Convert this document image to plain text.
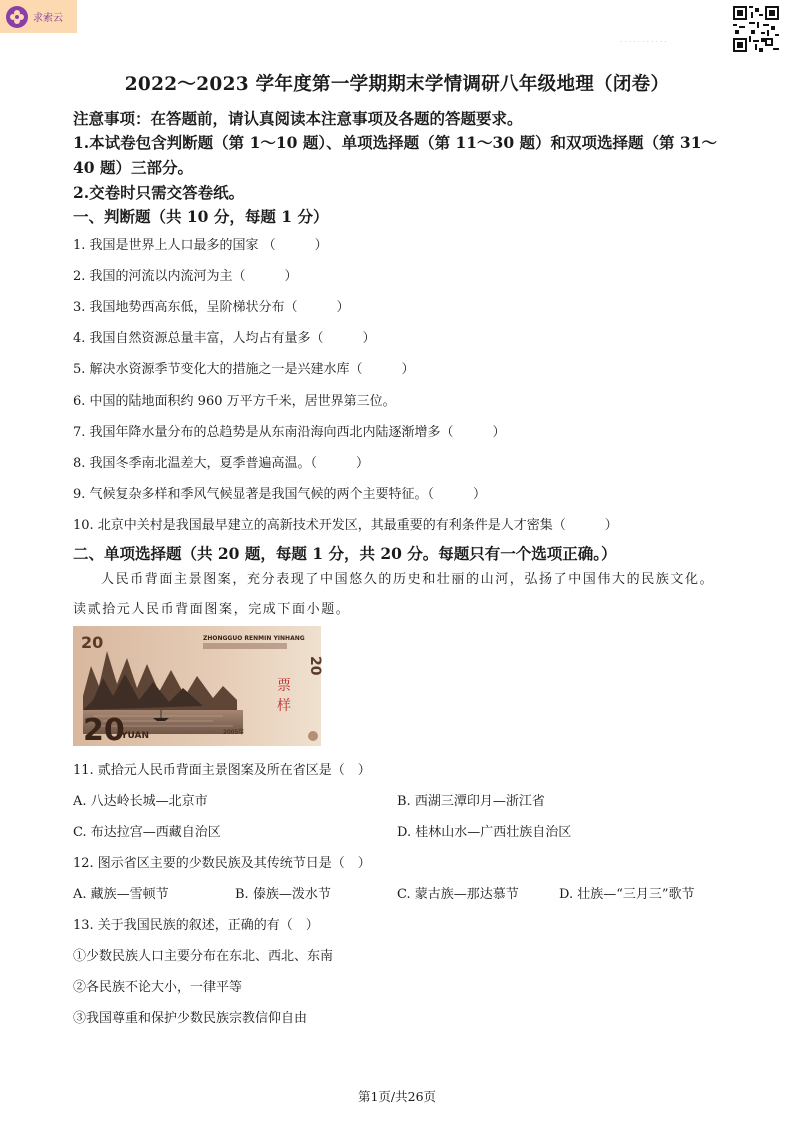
求索云
· · · · · · · · · · ·
2022～2023 学年度第一学期期末学情调研八年级地理（闭卷）
注意事项：在答题前，请认真阅读本注意事项及各题的答题要求。
1.本试卷包含判断题（第 1～10 题）、单项选择题（第 11～30 题）和双项选择题（第 31～40 题）三部分。
2.交卷时只需交答卷纸。
一、判断题（共 10 分，每题 1 分）
1. 我国是世界上人口最多的国家 （　　　）
2. 我国的河流以内流河为主（　　　）
3. 我国地势西高东低，呈阶梯状分布（　　　）
4. 我国自然资源总量丰富，人均占有量多（　　　）
5. 解决水资源季节变化大的措施之一是兴建水库（　　　）
6. 中国的陆地面积约 960 万平方千米，居世界第三位。
7. 我国年降水量分布的总趋势是从东南沿海向西北内陆逐渐增多（　　　）
8. 我国冬季南北温差大，夏季普遍高温。（　　　）
9. 气候复杂多样和季风气候显著是我国气候的两个主要特征。（　　　）
10. 北京中关村是我国最早建立的高新技术开发区，其最重要的有利条件是人才密集（　　　）
二、单项选择题（共 20 题，每题 1 分，共 20 分。每题只有一个选项正确。）
人民币背面主景图案，充分表现了中国悠久的历史和壮丽的山河，弘扬了中国伟大的民族文化。读贰拾元人民币背面图案，完成下面小题。
20
20
YUAN
ZHONGGUO RENMIN YINHANG
2005年
票
样
20
11. 贰拾元人民币背面主景图案及所在省区是（　）
A. 八达岭长城—北京市	B. 西湖三潭印月—浙江省
C. 布达拉宫—西藏自治区	D. 桂林山水—广西壮族自治区
12. 图示省区主要的少数民族及其传统节日是（　）
A. 藏族—雪顿节	B. 傣族—泼水节	C. 蒙古族—那达慕节	D. 壮族—“三月三”歌节
13. 关于我国民族的叙述，正确的有（　）
①少数民族人口主要分布在东北、西北、东南
②各民族不论大小，一律平等
③我国尊重和保护少数民族宗教信仰自由
第1页/共26页
